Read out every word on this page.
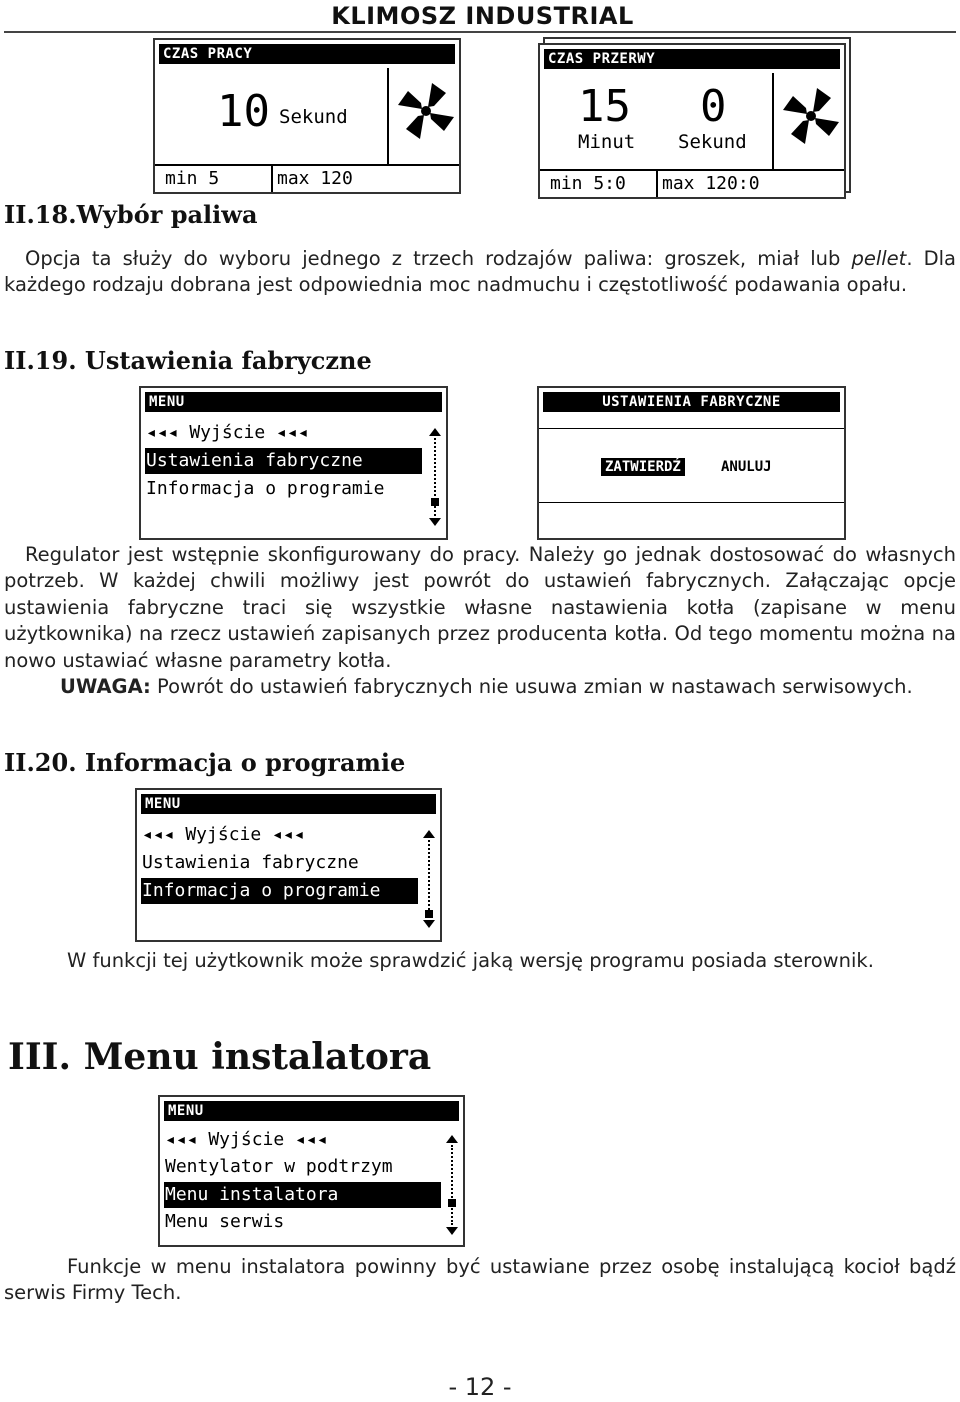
KLIMOSZ INDUSTRIAL
CZAS PRACY
10 Sekund
min 5	max 120
CZAS PRZERWY
15
Minut
0
Sekund
min 5:0 max 120:0
II.18.Wybór paliwa
Opcja ta służy do wyboru jednego z trzech rodzajów paliwa: groszek, miał lub pellet. Dla każdego rodzaju dobrana jest odpowiednia moc nadmuchu i częstotliwość podawania opału.
II.19. Ustawienia fabryczne
MENU
◂◂◂ Wyjście ◂◂◂
Ustawienia fabryczne
Informacja o programie
USTAWIENIA FABRYCZNE
ZATWIERDŹ	ANULUJ
Regulator jest wstępnie skonfigurowany do pracy. Należy go jednak dostosować do własnych potrzeb. W każdej chwili możliwy jest powrót do ustawień fabrycznych. Załączając opcje ustawienia fabryczne traci się wszystkie własne nastawienia kotła (zapisane w menu użytkownika) na rzecz ustawień zapisanych przez producenta kotła. Od tego momentu można na nowo ustawiać własne parametry kotła.
UWAGA: Powrót do ustawień fabrycznych nie usuwa zmian w nastawach serwisowych.
II.20. Informacja o programie
MENU
◂◂◂ Wyjście ◂◂◂
Ustawienia fabryczne
Informacja o programie
W funkcji tej użytkownik może sprawdzić jaką wersję programu posiada sterownik.
III. Menu instalatora
MENU
◂◂◂ Wyjście ◂◂◂
Wentylator w podtrzym
Menu instalatora
Menu serwis
Funkcje w menu instalatora powinny być ustawiane przez osobę instalującą kocioł bądź serwis Firmy Tech.
- 12 -
